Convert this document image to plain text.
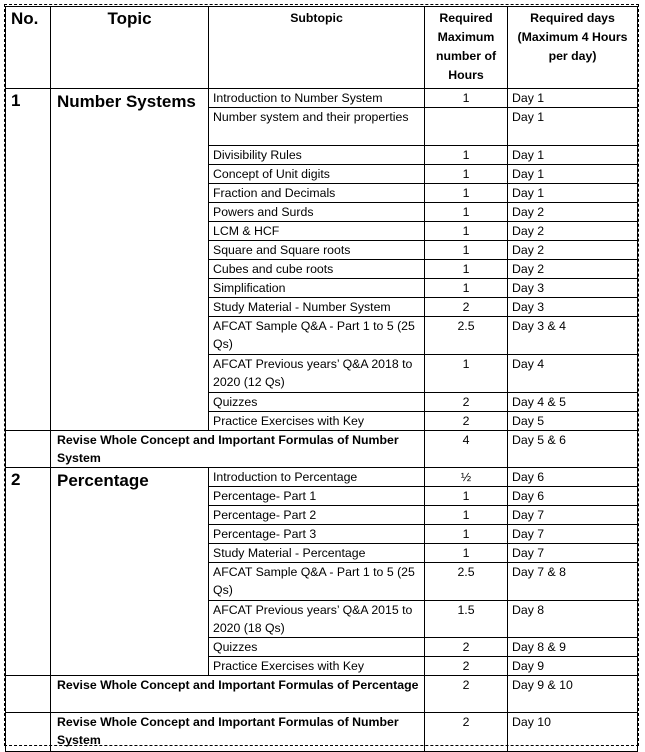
No.	Topic	Subtopic	Required Maximum number of Hours	Required days (Maximum 4 Hours per day)
1	Number Systems	Introduction to Number System	1	Day 1
		Number system and their properties		Day 1
		Divisibility Rules	1	Day 1
		Concept of Unit digits	1	Day 1
		Fraction and Decimals	1	Day 1
		Powers and Surds	1	Day 2
		LCM & HCF	1	Day 2
		Square and Square roots	1	Day 2
		Cubes and cube roots	1	Day 2
		Simplification	1	Day 3
		Study Material - Number System	2	Day 3
		AFCAT Sample Q&A - Part 1 to 5 (25 Qs)	2.5	Day 3 & 4
		AFCAT Previous years’ Q&A 2018 to 2020 (12 Qs)	1	Day 4
		Quizzes	2	Day 4 & 5
		Practice Exercises with Key	2	Day 5
	Revise Whole Concept and Important Formulas of Number System		4	Day 5 & 6
2	Percentage	Introduction to Percentage	½	Day 6
		Percentage- Part 1	1	Day 6
		Percentage- Part 2	1	Day 7
		Percentage- Part 3	1	Day 7
		Study Material - Percentage	1	Day 7
		AFCAT Sample Q&A - Part 1 to 5 (25 Qs)	2.5	Day 7 & 8
		AFCAT Previous years’ Q&A 2015 to 2020 (18 Qs)	1.5	Day 8
		Quizzes	2	Day 8 & 9
		Practice Exercises with Key	2	Day 9
	Revise Whole Concept and Important Formulas of Percentage		2	Day 9 & 10
	Revise Whole Concept and Important Formulas of Number System		2	Day 10
